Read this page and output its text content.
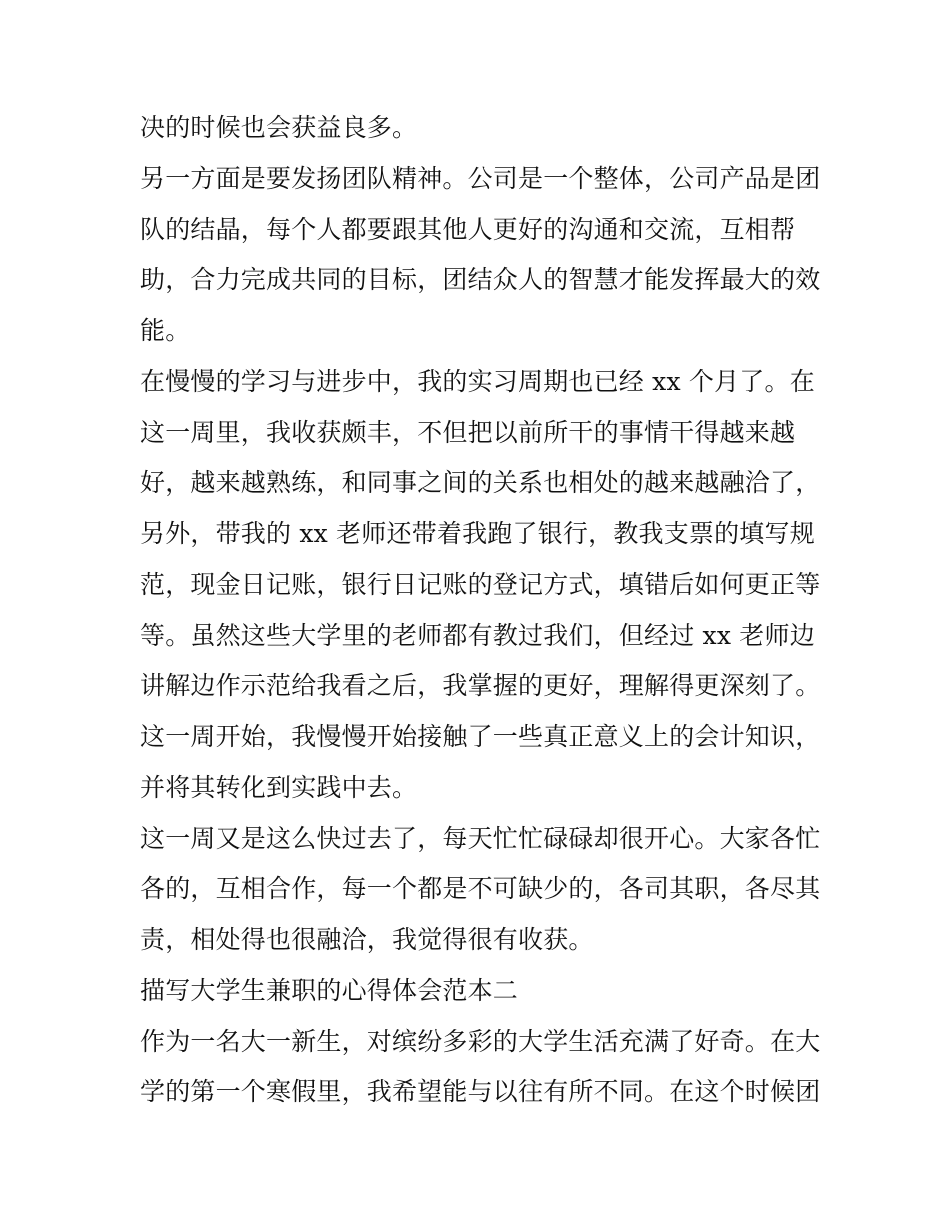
决的时候也会获益良多。

另一方面是要发扬团队精神。公司是一个整体，公司产品是团

队的结晶，每个人都要跟其他人更好的沟通和交流，互相帮

助，合力完成共同的目标，团结众人的智慧才能发挥最大的效

能。

在慢慢的学习与进步中，我的实习周期也已经 xx 个月了。在

这一周里，我收获颇丰，不但把以前所干的事情干得越来越

好，越来越熟练，和同事之间的关系也相处的越来越融洽了，

另外，带我的 xx 老师还带着我跑了银行，教我支票的填写规

范，现金日记账，银行日记账的登记方式，填错后如何更正等

等。虽然这些大学里的老师都有教过我们，但经过 xx 老师边

讲解边作示范给我看之后，我掌握的更好，理解得更深刻了。

这一周开始，我慢慢开始接触了一些真正意义上的会计知识，

并将其转化到实践中去。

这一周又是这么快过去了，每天忙忙碌碌却很开心。大家各忙

各的，互相合作，每一个都是不可缺少的，各司其职，各尽其

责，相处得也很融洽，我觉得很有收获。

描写大学生兼职的心得体会范本二

作为一名大一新生，对缤纷多彩的大学生活充满了好奇。在大

学的第一个寒假里，我希望能与以往有所不同。在这个时候团
